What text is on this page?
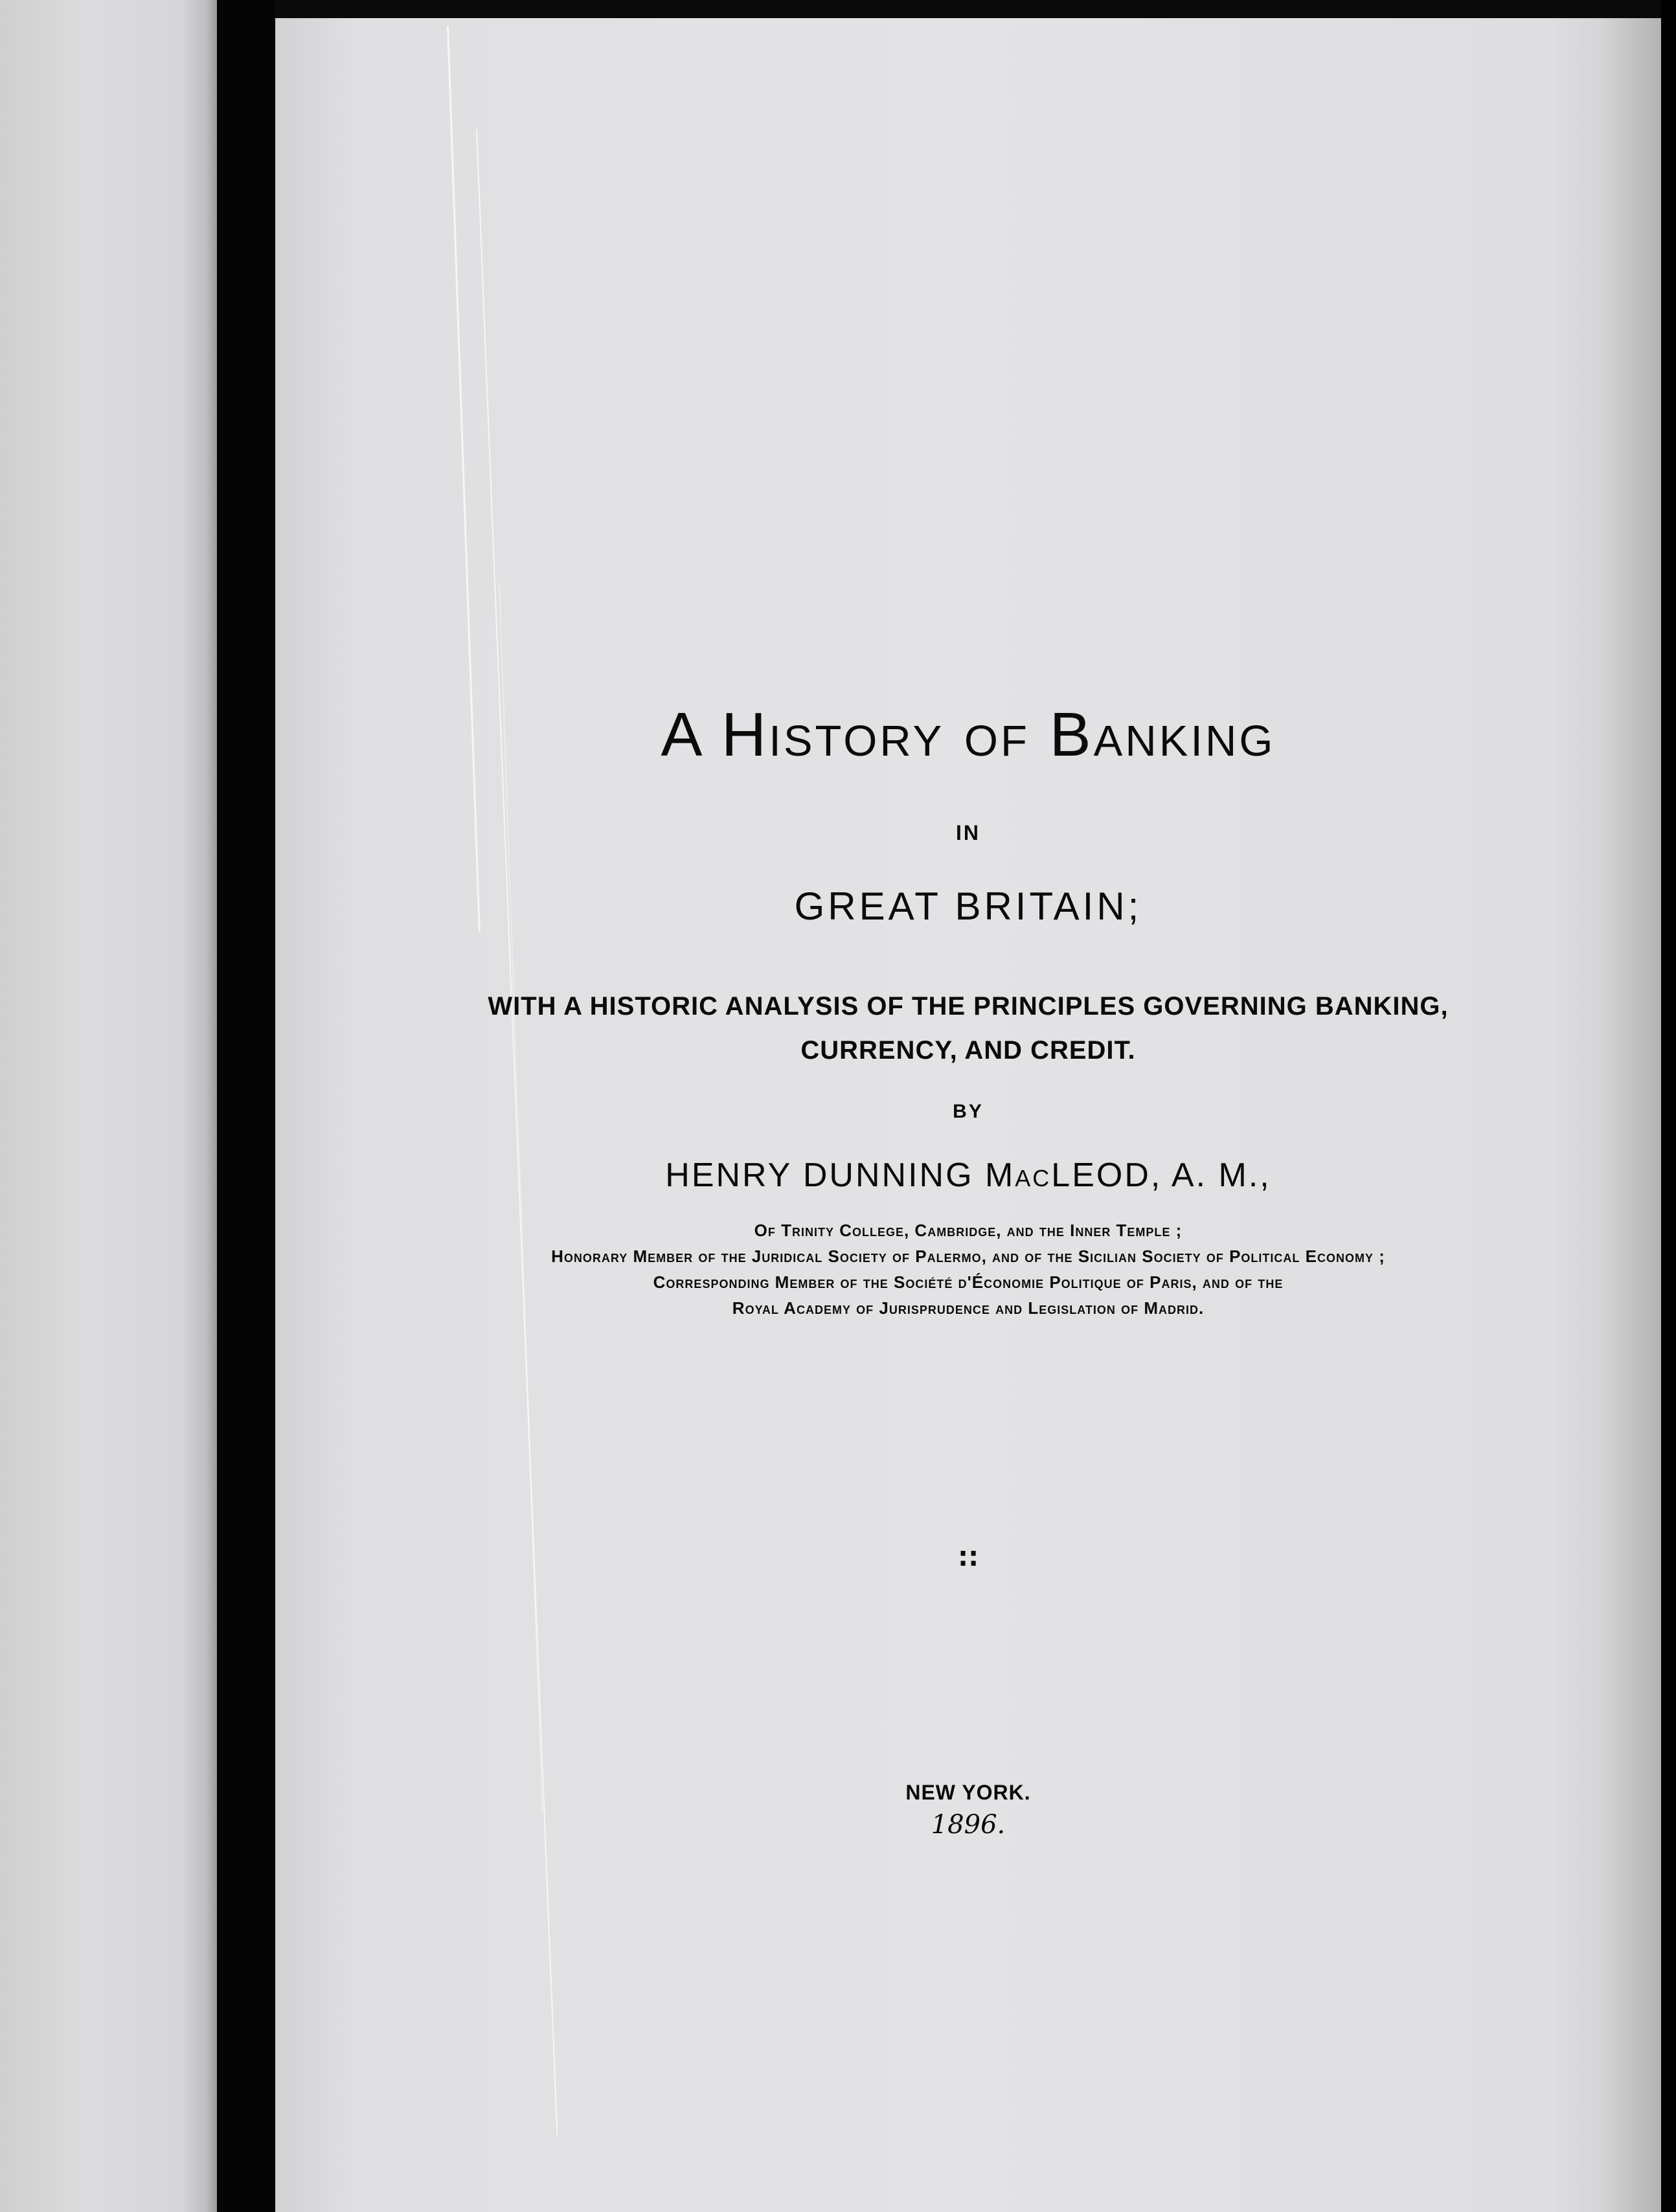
A History of Banking
IN
GREAT BRITAIN;
WITH A HISTORIC ANALYSIS OF THE PRINCIPLES GOVERNING BANKING,
CURRENCY, AND CREDIT.
BY
HENRY DUNNING MacLEOD, A. M.,
Of Trinity College, Cambridge, and the Inner Temple ;
Honorary Member of the Juridical Society of Palermo, and of the Sicilian Society of Political Economy ;
Corresponding Member of the Société d'Économie Politique of Paris, and of the
Royal Academy of Jurisprudence and Legislation of Madrid.
∷
NEW YORK.
1896.
